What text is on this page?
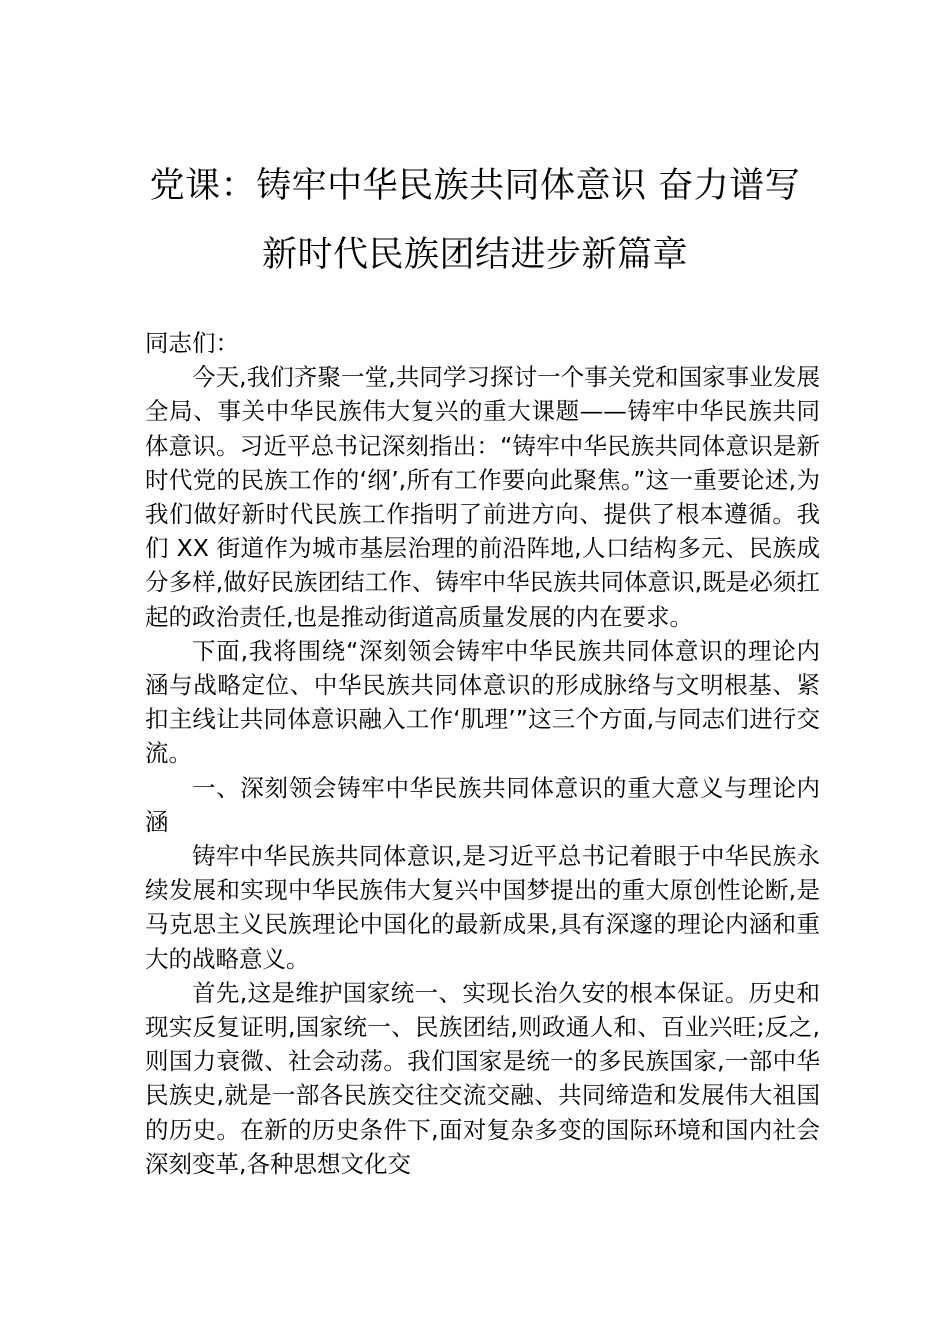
党课：铸牢中华民族共同体意识 奋力谱写
新时代民族团结进步新篇章

同志们：

今天,我们齐聚一堂,共同学习探讨一个事关党和国家事业发展全局、事关中华民族伟大复兴的重大课题——铸牢中华民族共同体意识。习近平总书记深刻指出：“铸牢中华民族共同体意识是新时代党的民族工作的‘纲’,所有工作要向此聚焦。”这一重要论述,为我们做好新时代民族工作指明了前进方向、提供了根本遵循。我们 XX 街道作为城市基层治理的前沿阵地,人口结构多元、民族成分多样,做好民族团结工作、铸牢中华民族共同体意识,既是必须扛起的政治责任,也是推动街道高质量发展的内在要求。

下面,我将围绕“深刻领会铸牢中华民族共同体意识的理论内涵与战略定位、中华民族共同体意识的形成脉络与文明根基、紧扣主线让共同体意识融入工作‘肌理’”这三个方面,与同志们进行交流。

一、深刻领会铸牢中华民族共同体意识的重大意义与理论内涵

铸牢中华民族共同体意识,是习近平总书记着眼于中华民族永续发展和实现中华民族伟大复兴中国梦提出的重大原创性论断,是马克思主义民族理论中国化的最新成果,具有深邃的理论内涵和重大的战略意义。

首先,这是维护国家统一、实现长治久安的根本保证。历史和现实反复证明,国家统一、民族团结,则政通人和、百业兴旺;反之,则国力衰微、社会动荡。我们国家是统一的多民族国家,一部中华民族史,就是一部各民族交往交流交融、共同缔造和发展伟大祖国的历史。在新的历史条件下,面对复杂多变的国际环境和国内社会深刻变革,各种思想文化交
